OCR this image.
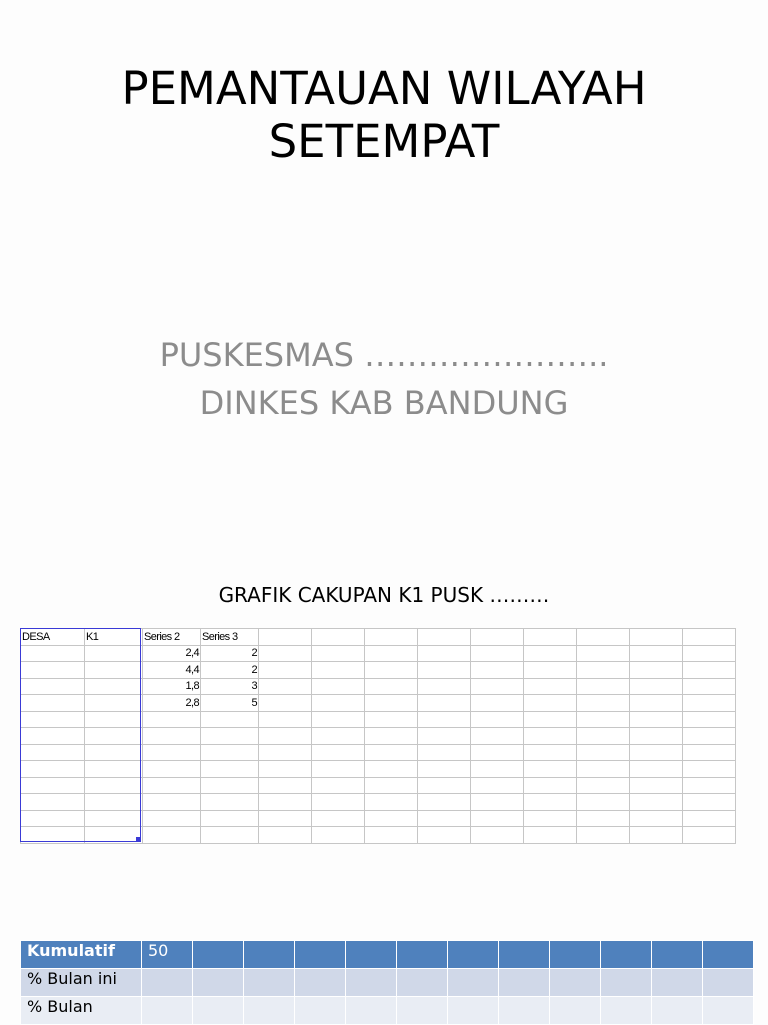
PEMANTAUAN WILAYAH
SETEMPAT
PUSKESMAS …………………..
DINKES KAB BANDUNG
GRAFIK CAKUPAN K1 PUSK ………
DESA	K1	Series 2	Series 3									
		2,4	2									
		4,4	2									
		1,8	3									
		2,8	5									

Kumulatif	50											
% Bulan ini												
% Bulan												
